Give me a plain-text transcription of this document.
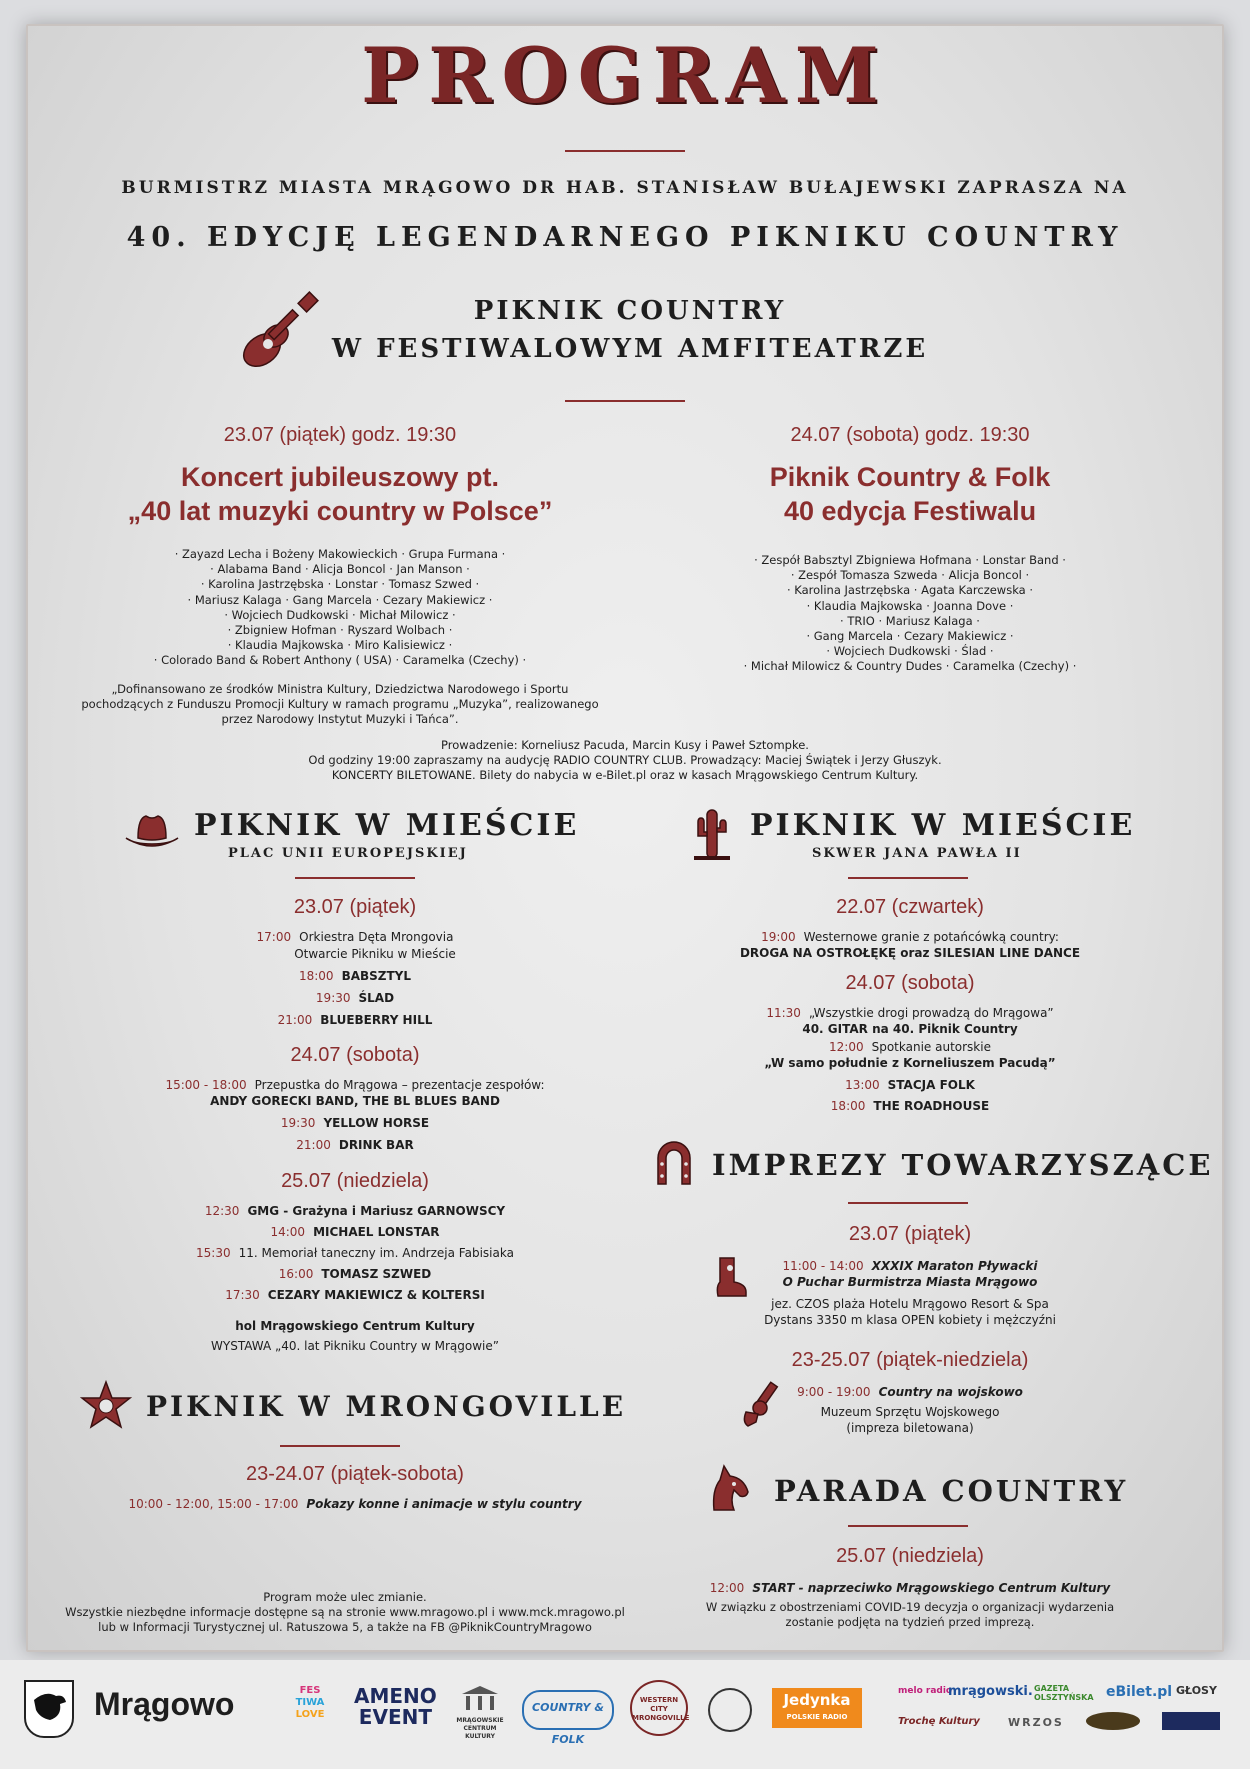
PROGRAM
BURMISTRZ MIASTA MRĄGOWO DR HAB. STANISŁAW BUŁAJEWSKI ZAPRASZA NA
40. EDYCJĘ LEGENDARNEGO PIKNIKU COUNTRY
PIKNIK COUNTRY
W FESTIWALOWYM AMFITEATRZE
23.07 (piątek) godz. 19:30
Koncert jubileuszowy pt.
„40 lat muzyki country w Polsce”
· Zayazd Lecha i Bożeny Makowieckich · Grupa Furmana ·
· Alabama Band · Alicja Boncol · Jan Manson ·
· Karolina Jastrzębska · Lonstar · Tomasz Szwed ·
· Mariusz Kalaga · Gang Marcela · Cezary Makiewicz ·
· Wojciech Dudkowski · Michał Milowicz ·
· Zbigniew Hofman · Ryszard Wolbach ·
· Klaudia Majkowska · Miro Kalisiewicz ·
· Colorado Band & Robert Anthony ( USA) · Caramelka (Czechy) ·
„Dofinansowano ze środków Ministra Kultury, Dziedzictwa Narodowego i Sportu
pochodzących z Funduszu Promocji Kultury w ramach programu „Muzyka”, realizowanego
przez Narodowy Instytut Muzyki i Tańca”.
24.07 (sobota) godz. 19:30
Piknik Country & Folk
40 edycja Festiwalu
· Zespół Babsztyl Zbigniewa Hofmana · Lonstar Band ·
· Zespół Tomasza Szweda · Alicja Boncol ·
· Karolina Jastrzębska · Agata Karczewska ·
· Klaudia Majkowska · Joanna Dove ·
· TRIO · Mariusz Kalaga ·
· Gang Marcela · Cezary Makiewicz ·
· Wojciech Dudkowski · Ślad ·
· Michał Milowicz & Country Dudes · Caramelka (Czechy) ·
Prowadzenie: Korneliusz Pacuda, Marcin Kusy i Paweł Sztompke.
Od godziny 19:00 zapraszamy na audycję RADIO COUNTRY CLUB. Prowadzący: Maciej Świątek i Jerzy Głuszyk.
KONCERTY BILETOWANE. Bilety do nabycia w e-Bilet.pl oraz w kasach Mrągowskiego Centrum Kultury.
PIKNIK W MIEŚCIE
PLAC UNII EUROPEJSKIEJ
23.07 (piątek)
17:00 Orkiestra Dęta Mrongovia
Otwarcie Pikniku w Mieście
18:00 BABSZTYL
19:30 ŚLAD
21:00 BLUEBERRY HILL
24.07 (sobota)
15:00 - 18:00 Przepustka do Mrągowa – prezentacje zespołów:
ANDY GORECKI BAND, THE BL BLUES BAND
19:30 YELLOW HORSE
21:00 DRINK BAR
25.07 (niedziela)
12:30 GMG - Grażyna i Mariusz GARNOWSCY
14:00 MICHAEL LONSTAR
15:30 11. Memoriał taneczny im. Andrzeja Fabisiaka
16:00 TOMASZ SZWED
17:30 CEZARY MAKIEWICZ & KOLTERSI
hol Mrągowskiego Centrum Kultury
WYSTAWA „40. lat Pikniku Country w Mrągowie”
PIKNIK W MRONGOVILLE
23-24.07 (piątek-sobota)
10:00 - 12:00, 15:00 - 17:00 Pokazy konne i animacje w stylu country
Program może ulec zmianie.
Wszystkie niezbędne informacje dostępne są na stronie www.mragowo.pl i www.mck.mragowo.pl
lub w Informacji Turystycznej ul. Ratuszowa 5, a także na FB @PiknikCountryMragowo
PIKNIK W MIEŚCIE
SKWER JANA PAWŁA II
22.07 (czwartek)
19:00 Westernowe granie z potańcówką country:
DROGA NA OSTROŁĘKĘ oraz SILESIAN LINE DANCE
24.07 (sobota)
11:30 „Wszystkie drogi prowadzą do Mrągowa”
40. GITAR na 40. Piknik Country
12:00 Spotkanie autorskie
„W samo południe z Korneliuszem Pacudą”
13:00 STACJA FOLK
18:00 THE ROADHOUSE
IMPREZY TOWARZYSZĄCE
23.07 (piątek)
11:00 - 14:00 XXXIX Maraton Pływacki
O Puchar Burmistrza Miasta Mrągowo
jez. CZOS plaża Hotelu Mrągowo Resort & Spa
Dystans 3350 m klasa OPEN kobiety i mężczyźni
23-25.07 (piątek-niedziela)
9:00 - 19:00 Country na wojskowo
Muzeum Sprzętu Wojskowego
(impreza biletowana)
PARADA COUNTRY
25.07 (niedziela)
12:00 START - naprzeciwko Mrągowskiego Centrum Kultury
W związku z obostrzeniami COVID-19 decyzja o organizacji wydarzenia
zostanie podjęta na tydzień przed imprezą.
Mrągowo	FES
TIWA
LOVE
AMENO
EVENT	MRĄGOWSKIE CENTRUM KULTURY
COUNTRY & FOLK
WESTERN CITY MRONGOVILLE
Jedynka
POLSKIE RADIO
melo radio
mrągowski. GAZETA OLSZTYŃSKA eBilet.pl GŁOSY
Trochę Kultury	WRZOS
